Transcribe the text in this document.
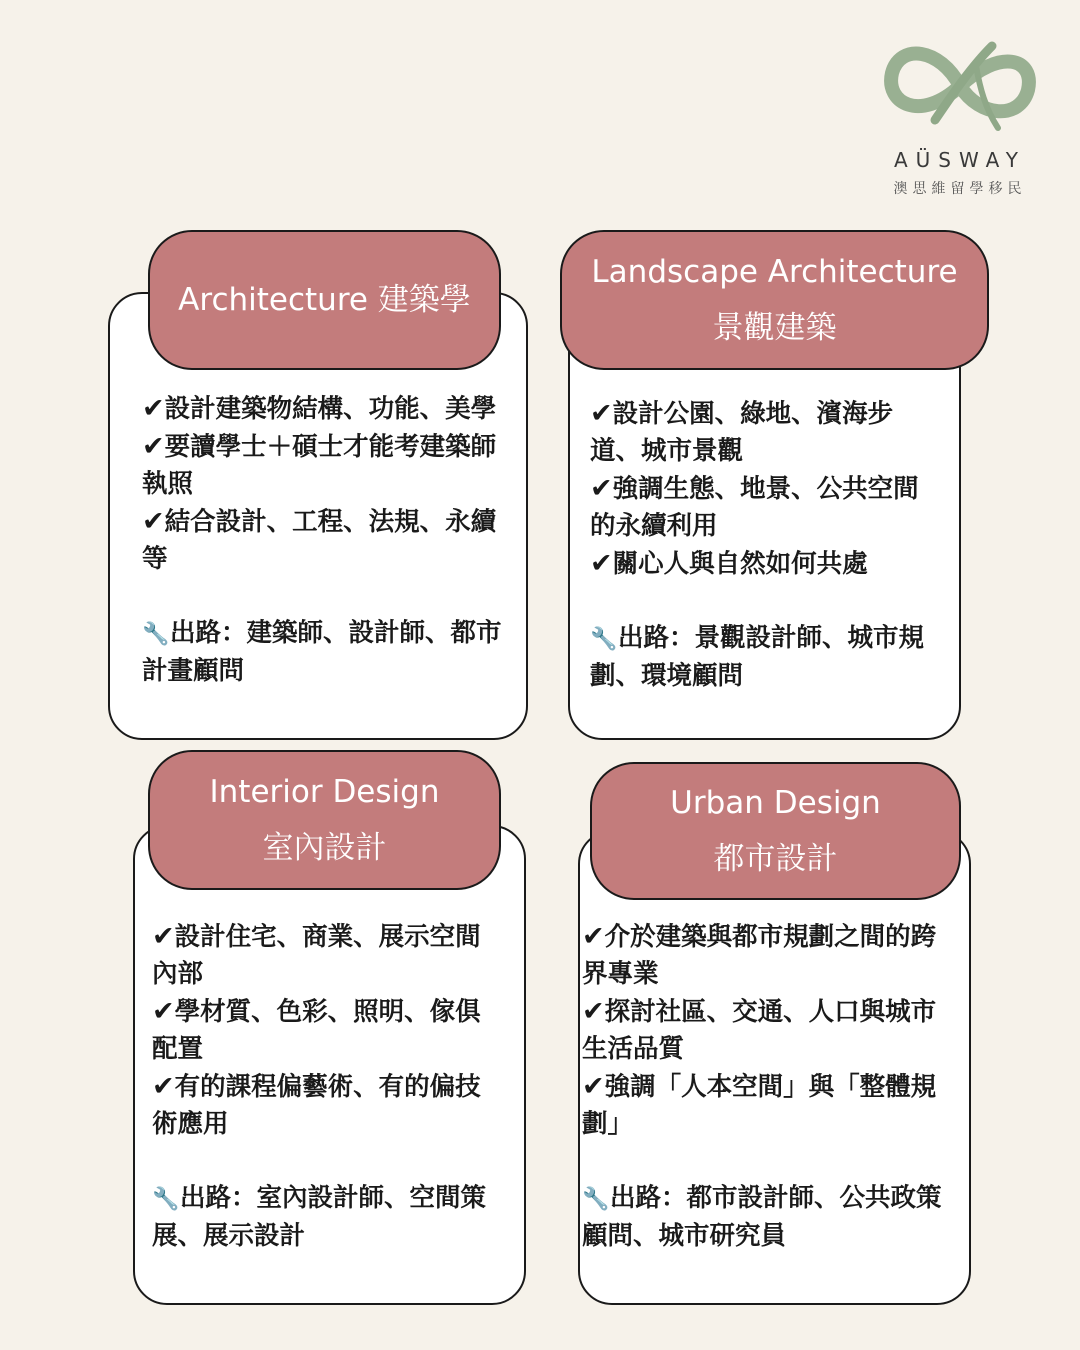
AÜSWAY
澳思維留學移民
Architecture 建築學

✔設計建築物結構、功能、美學

✔要讀學士＋碩士才能考建築師執照

✔結合設計、工程、法規、永續等

🔧出路：建築師、設計師、都市計畫顧問

Landscape Architecture
景觀建築

✔設計公園、綠地、濱海步道、城市景觀

✔強調生態、地景、公共空間的永續利用

✔關心人與自然如何共處

🔧出路：景觀設計師、城市規劃、環境顧問

Interior Design
室內設計

✔設計住宅、商業、展示空間內部

✔學材質、色彩、照明、傢俱配置

✔有的課程偏藝術、有的偏技術應用

🔧出路：室內設計師、空間策展、展示設計

Urban Design
都市設計

✔介於建築與都市規劃之間的跨界專業

✔探討社區、交通、人口與城市生活品質

✔強調「人本空間」與「整體規劃」

🔧出路：都市設計師、公共政策顧問、城市研究員
